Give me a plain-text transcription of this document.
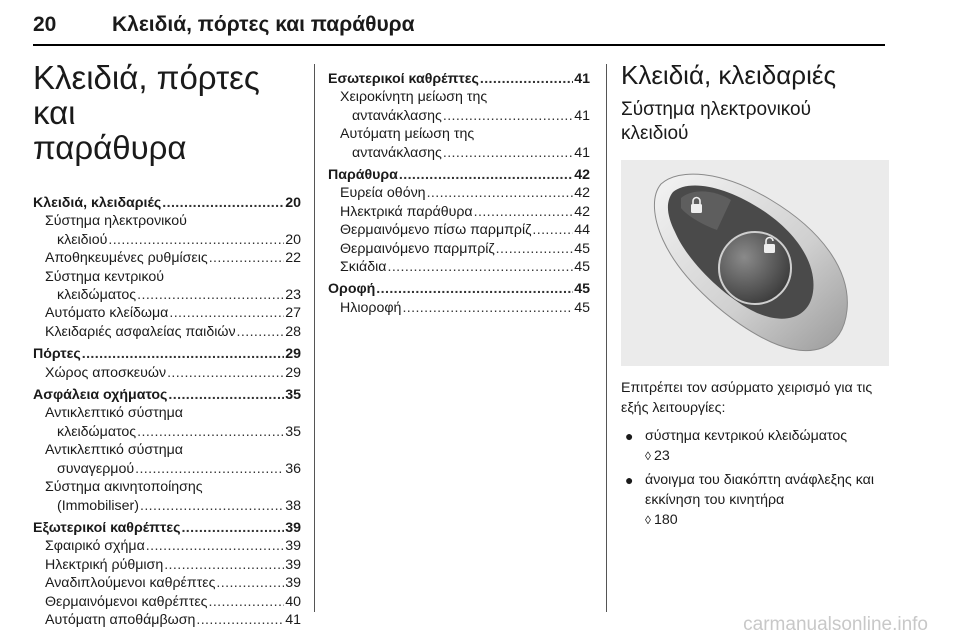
20	Κλειδιά, πόρτες και παράθυρα
Κλειδιά, πόρτες και
παράθυρα
Κλειδιά, κλειδαριές .....	20
Σύστημα ηλεκτρονικού
κλειδιού .....	20
Αποθηκευμένες ρυθμίσεις .....	22
Σύστημα κεντρικού
κλειδώματος .....	23
Αυτόματο κλείδωμα .....	27
Κλειδαριές ασφαλείας παιδιών .....	28
Πόρτες .....	29
Χώρος αποσκευών .....	29
Ασφάλεια οχήματος .....	35
Αντικλεπτικό σύστημα
κλειδώματος .....	35
Αντικλεπτικό σύστημα
συναγερμού .....	36
Σύστημα ακινητοποίησης
(Immobiliser) .....	38
Εξωτερικοί καθρέπτες .....	39
Σφαιρικό σχήμα .....	39
Ηλεκτρική ρύθμιση .....	39
Αναδιπλούμενοι καθρέπτες .....	39
Θερμαινόμενοι καθρέπτες .....	40
Αυτόματη αποθάμβωση .....	41
Εσωτερικοί καθρέπτες .....	41
Χειροκίνητη μείωση της
αντανάκλασης .....	41
Αυτόματη μείωση της
αντανάκλασης .....	41
Παράθυρα .....	42
Ευρεία οθόνη .....	42
Ηλεκτρικά παράθυρα .....	42
Θερμαινόμενο πίσω παρμπρίζ .....	44
Θερμαινόμενο παρμπρίζ .....	45
Σκιάδια .....	45
Οροφή .....	45
Ηλιοροφή .....	45
Κλειδιά, κλειδαριές
Σύστημα ηλεκτρονικού
κλειδιού
Επιτρέπει τον ασύρματο χειρισμό για τις εξής λειτουργίες:
● σύστημα κεντρικού κλειδώματος
◊ 23
● άνοιγμα του διακόπτη ανάφλεξης και εκκίνηση του κινητήρα
◊ 180
carmanualsonline.info
